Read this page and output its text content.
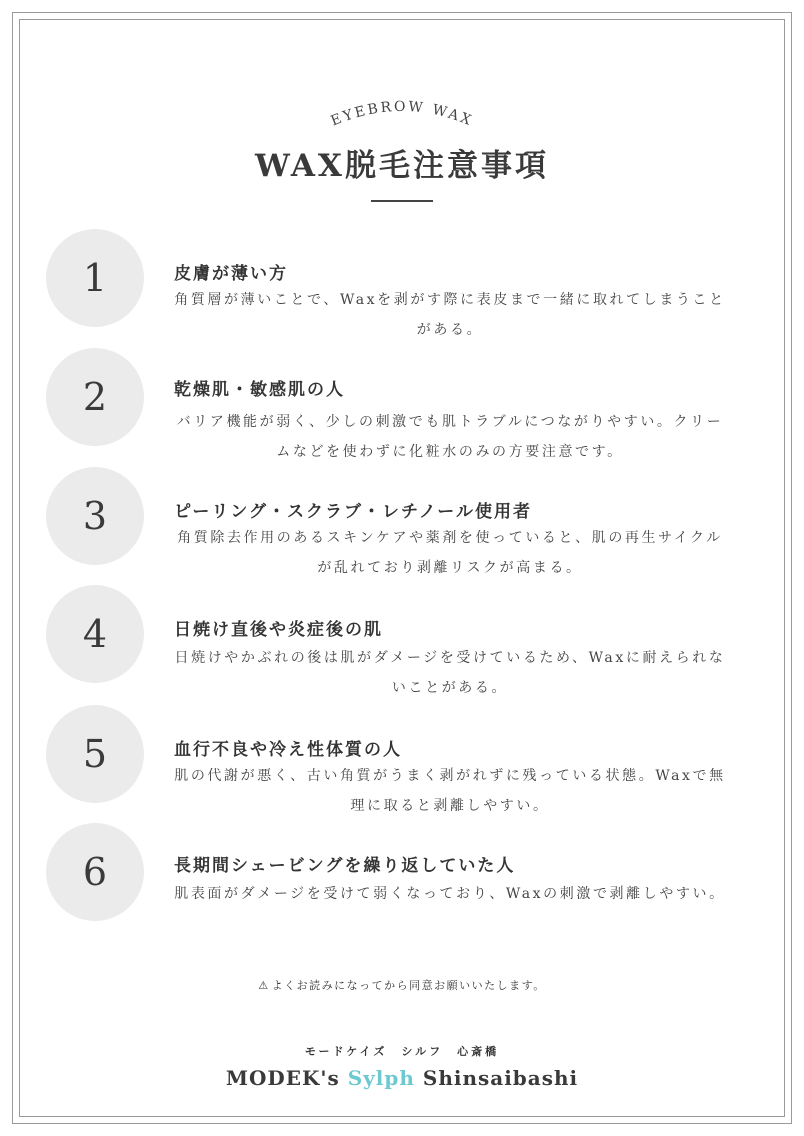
EYEBROW WAX
WAX脱毛注意事項
1	皮膚が薄い方
角質層が薄いことで、Waxを剥がす際に表皮まで一緒に取れてしまうことがある。
2	乾燥肌・敏感肌の人
バリア機能が弱く、少しの刺激でも肌トラブルにつながりやすい。クリームなどを使わずに化粧水のみの方要注意です。
3	ピーリング・スクラブ・レチノール使用者
角質除去作用のあるスキンケアや薬剤を使っていると、肌の再生サイクルが乱れており剥離リスクが高まる。
4	日焼け直後や炎症後の肌
日焼けやかぶれの後は肌がダメージを受けているため、Waxに耐えられないことがある。
5	血行不良や冷え性体質の人
肌の代謝が悪く、古い角質がうまく剥がれずに残っている状態。Waxで無理に取ると剥離しやすい。
6	長期間シェービングを繰り返していた人
肌表面がダメージを受けて弱くなっており、Waxの刺激で剥離しやすい。
⚠ よくお読みになってから同意お願いいたします。
モードケイズ　シルフ　心斎橋
MODEK's Sylph Shinsaibashi
